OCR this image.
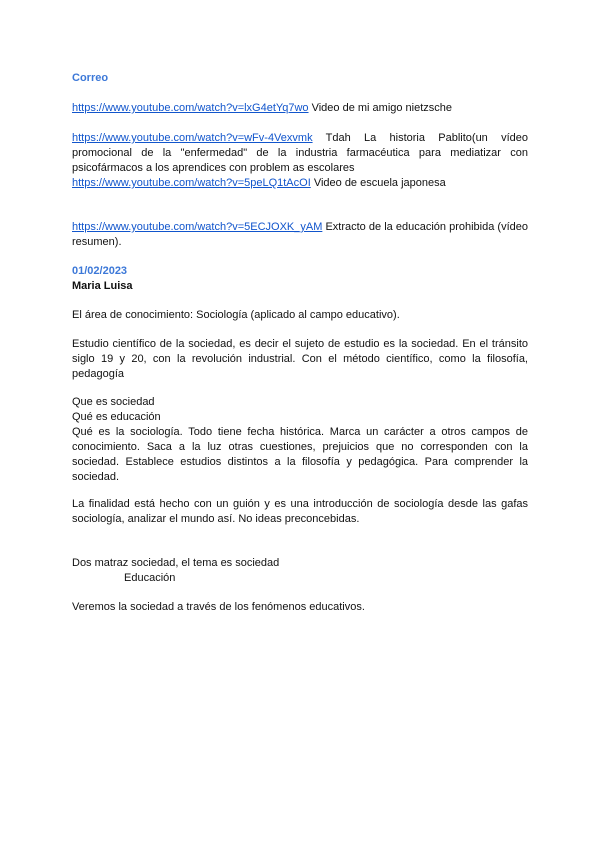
Correo

https://www.youtube.com/watch?v=lxG4etYq7wo Video de mi amigo nietzsche

https://www.youtube.com/watch?v=wFv-4Vexvmk Tdah La historia Pablito(un vídeo promocional de la "enfermedad" de la industria farmacéutica para mediatizar con psicofármacos a los aprendices con problem as escolares

https://www.youtube.com/watch?v=5peLQ1tAcOI Video de escuela japonesa

https://www.youtube.com/watch?v=5ECJOXK_yAM Extracto de la educación prohibida (vídeo resumen).

01/02/2023

Maria Luisa

El área de conocimiento: Sociología (aplicado al campo educativo).

Estudio científico de la sociedad, es decir el sujeto de estudio es la sociedad. En el tránsito siglo 19 y 20, con la revolución industrial. Con el método científico, como la filosofía, pedagogía

Que es sociedad

Qué es educación

Qué es la sociología. Todo tiene fecha histórica. Marca un carácter a otros campos de conocimiento. Saca a la luz otras cuestiones, prejuicios que no corresponden con la sociedad. Establece estudios distintos a la filosofía y pedagógica. Para comprender la sociedad.

La finalidad está hecho con un guión y es una introducción de sociología desde las gafas sociología, analizar el mundo así. No ideas preconcebidas.

Dos matraz sociedad, el tema es sociedad

Educación

Veremos la sociedad a través de los fenómenos educativos.
